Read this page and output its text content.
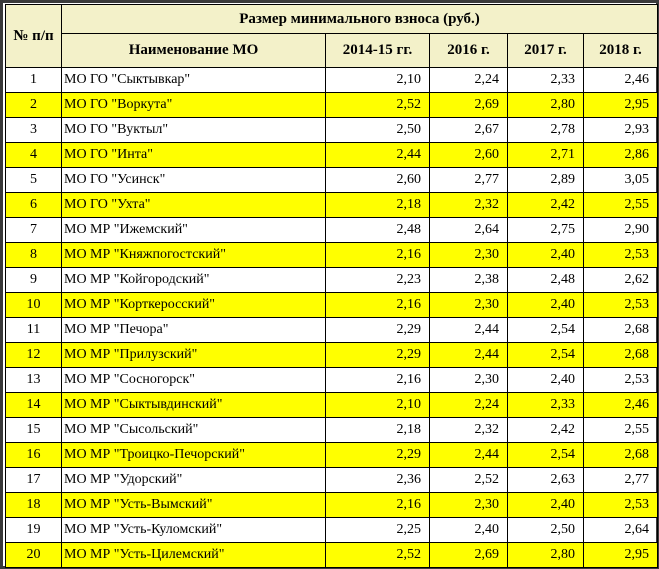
№ п/п	Размер минимального взноса (руб.)				
	Наименование МО	2014-15 гг.	2016 г.	2017 г.	2018 г.
1	МО ГО "Сыктывкар"	2,10	2,24	2,33	2,46
2	МО ГО "Воркута"	2,52	2,69	2,80	2,95
3	МО ГО "Вуктыл"	2,50	2,67	2,78	2,93
4	МО ГО "Инта"	2,44	2,60	2,71	2,86
5	МО ГО "Усинск"	2,60	2,77	2,89	3,05
6	МО ГО "Ухта"	2,18	2,32	2,42	2,55
7	МО МР "Ижемский"	2,48	2,64	2,75	2,90
8	МО МР "Княжпогостский"	2,16	2,30	2,40	2,53
9	МО МР "Койгородский"	2,23	2,38	2,48	2,62
10	МО МР "Корткеросский"	2,16	2,30	2,40	2,53
11	МО МР "Печора"	2,29	2,44	2,54	2,68
12	МО МР "Прилузский"	2,29	2,44	2,54	2,68
13	МО МР "Сосногорск"	2,16	2,30	2,40	2,53
14	МО МР "Сыктывдинский"	2,10	2,24	2,33	2,46
15	МО МР "Сысольский"	2,18	2,32	2,42	2,55
16	МО МР "Троицко-Печорский"	2,29	2,44	2,54	2,68
17	МО МР "Удорский"	2,36	2,52	2,63	2,77
18	МО МР "Усть-Вымский"	2,16	2,30	2,40	2,53
19	МО МР "Усть-Куломский"	2,25	2,40	2,50	2,64
20	МО МР "Усть-Цилемский"	2,52	2,69	2,80	2,95
